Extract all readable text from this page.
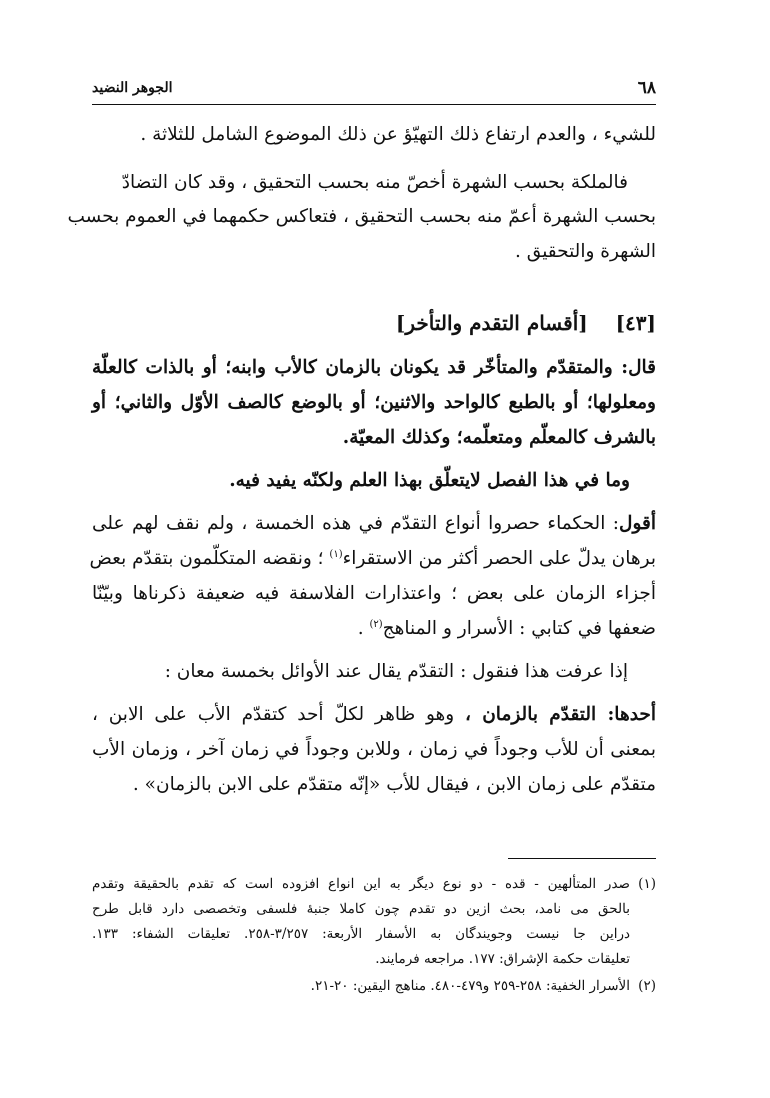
٦٨
الجوهر النضيد
للشيء ، والعدم ارتفاع ذلك التهيّؤ عن ذلك الموضوع الشامل للثلاثة .
فالملكة بحسب الشهرة أخصّ منه بحسب التحقيق ، وقد كان التضادّ
بحسب الشهرة أعمّ منه بحسب التحقيق ، فتعاكس حكمهما في العموم بحسب
الشهرة والتحقيق .
[٤٣]    [أقسام التقدم والتأخر]
قال: والمتقدّم والمتأخّر قد يكونان بالزمان كالأب وابنه؛ أو بالذات كالعلّة
ومعلولها؛ أو بالطبع كالواحد والاثنين؛ أو بالوضع كالصف الأوّل والثاني؛ أو
بالشرف كالمعلّم ومتعلّمه؛ وكذلك المعيّة.
وما في هذا الفصل لايتعلّق بهذا العلم ولكنّه يفيد فيه.
أقول: الحكماء حصروا أنواع التقدّم في هذه الخمسة ، ولم نقف لهم على
برهان يدلّ على الحصر أكثر من الاستقراء$^{(١)}$ ؛ ونقضه المتكلّمون بتقدّم بعض
أجزاء الزمان على بعض ؛ واعتذارات الفلاسفة فيه ضعيفة ذكرناها وبيّنّا
ضعفها في كتابي : الأسرار و المناهج$^{(٢)}$ .
إذا عرفت هذا فنقول : التقدّم يقال عند الأوائل بخمسة معان :
أحدها: التقدّم بالزمان ، وهو ظاهر لكلّ أحد كتقدّم الأب على الابن ،
بمعنى أن للأب وجوداً في زمان ، وللابن وجوداً في زمان آخر ، وزمان الأب
متقدّم على زمان الابن ، فيقال للأب «إنّه متقدّم على الابن بالزمان» .
(١)صدر المتألهين - قده - دو نوع ديگر به اين انواع افزوده است كه تقدم بالحقيقة وتقدم
بالحق مى نامد، بحث ازين دو تقدم چون كاملا جنبۀ فلسفى وتخصصى دارد قابل طرح
دراين جا نيست وجويندگان به الأسفار الأربعة: ٣/٢٥٧-٢٥٨. تعليقات الشفاء: ١٣٣.
تعليقات حكمة الإشراق: ١٧٧. مراجعه فرمايند.
(٢)الأسرار الخفية: ٢٥٨-٢٥٩ و٤٧٩-٤٨٠. مناهج اليقين: ٢٠-٢١.
